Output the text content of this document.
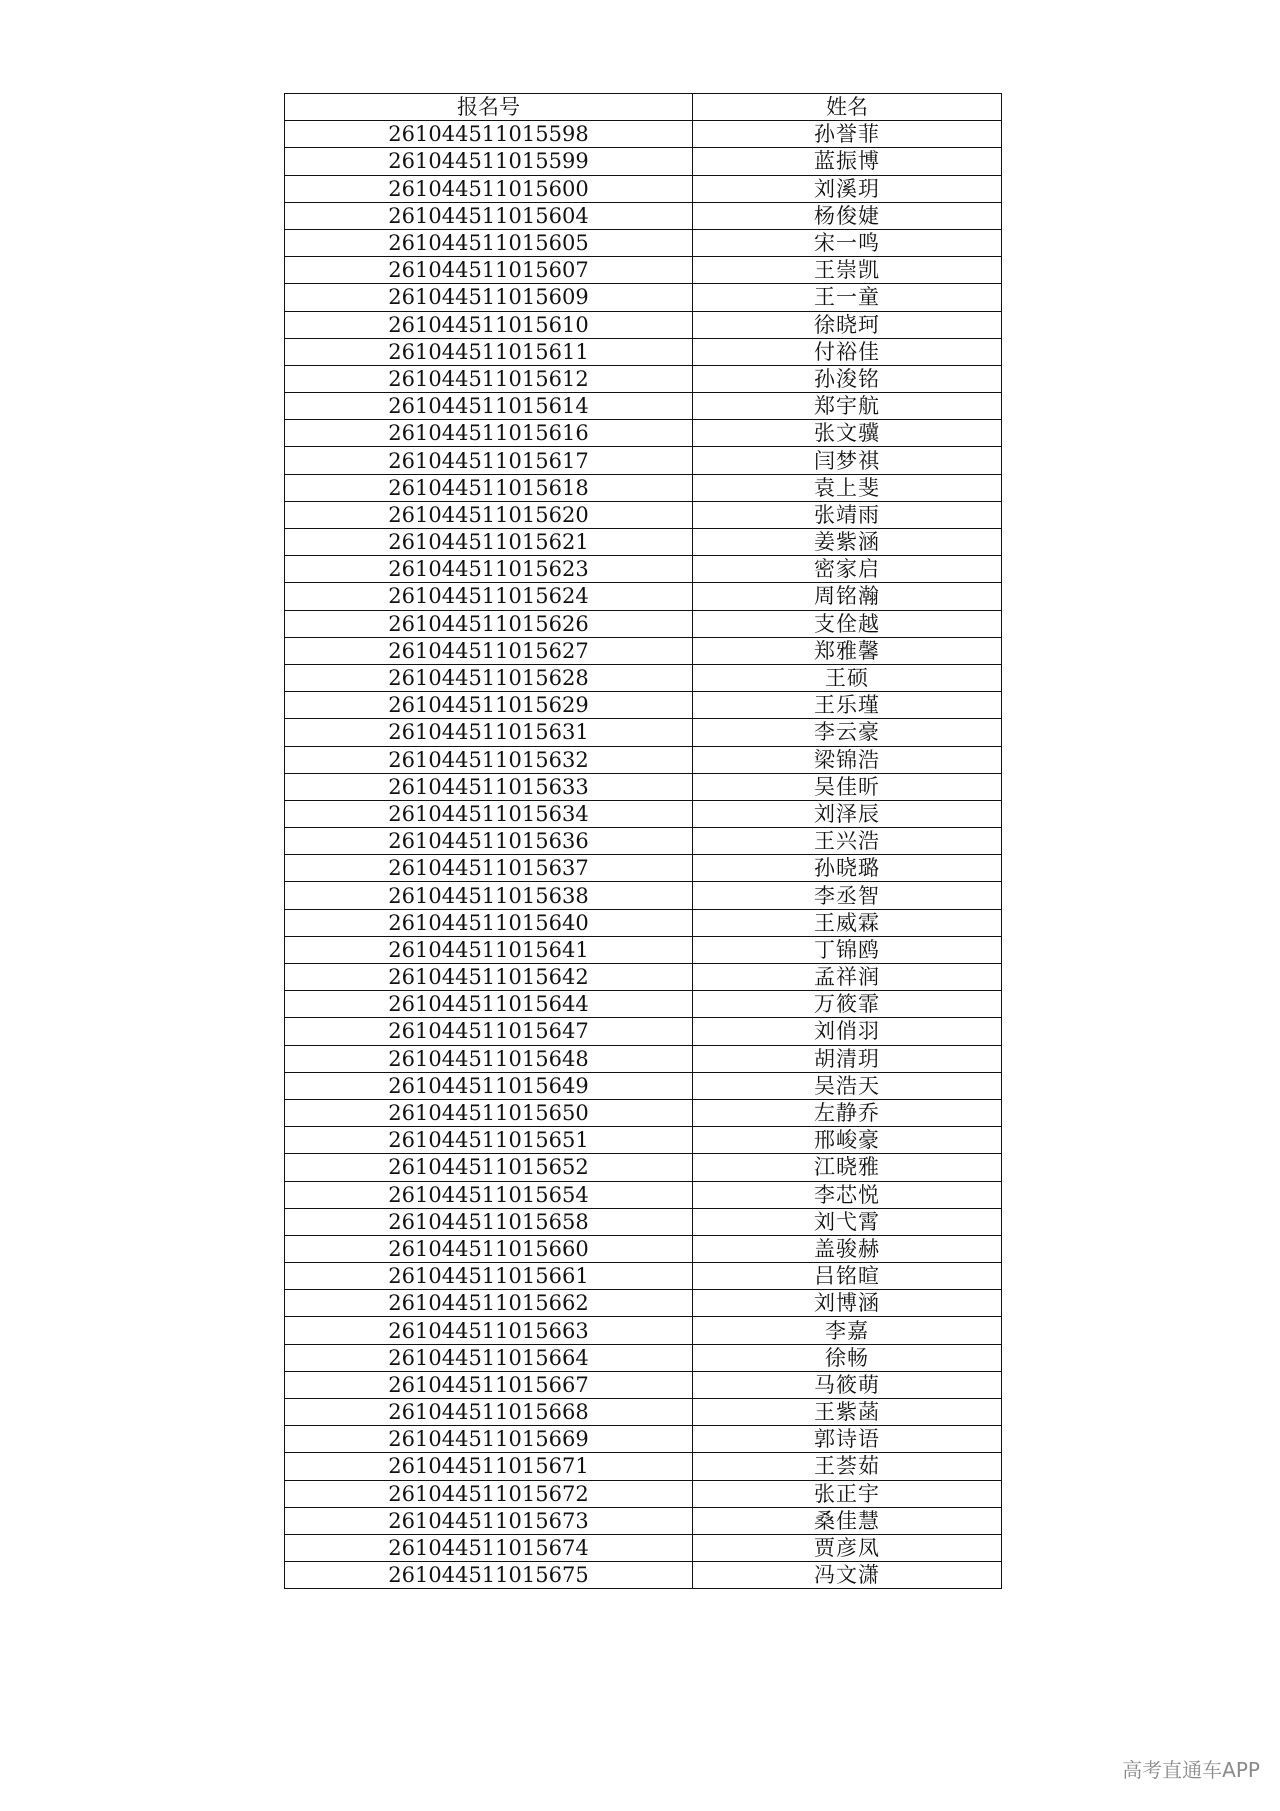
报名号	姓名
261044511015598	孙誉菲
261044511015599	蓝振博
261044511015600	刘溪玥
261044511015604	杨俊婕
261044511015605	宋一鸣
261044511015607	王崇凯
261044511015609	王一童
261044511015610	徐晓珂
261044511015611	付裕佳
261044511015612	孙浚铭
261044511015614	郑宇航
261044511015616	张文骥
261044511015617	闫梦祺
261044511015618	袁上斐
261044511015620	张靖雨
261044511015621	姜紫涵
261044511015623	密家启
261044511015624	周铭瀚
261044511015626	支佺越
261044511015627	郑雅馨
261044511015628	王硕
261044511015629	王乐瑾
261044511015631	李云豪
261044511015632	梁锦浩
261044511015633	吴佳昕
261044511015634	刘泽辰
261044511015636	王兴浩
261044511015637	孙晓璐
261044511015638	李丞智
261044511015640	王威霖
261044511015641	丁锦鸥
261044511015642	孟祥润
261044511015644	万筱霏
261044511015647	刘俏羽
261044511015648	胡清玥
261044511015649	吴浩天
261044511015650	左静乔
261044511015651	邢峻豪
261044511015652	江晓雅
261044511015654	李芯悦
261044511015658	刘弋霄
261044511015660	盖骏赫
261044511015661	吕铭暄
261044511015662	刘博涵
261044511015663	李嘉
261044511015664	徐畅
261044511015667	马筱萌
261044511015668	王紫菡
261044511015669	郭诗语
261044511015671	王荟茹
261044511015672	张正宇
261044511015673	桑佳慧
261044511015674	贾彦凤
261044511015675	冯文潇
高考直通车APP
